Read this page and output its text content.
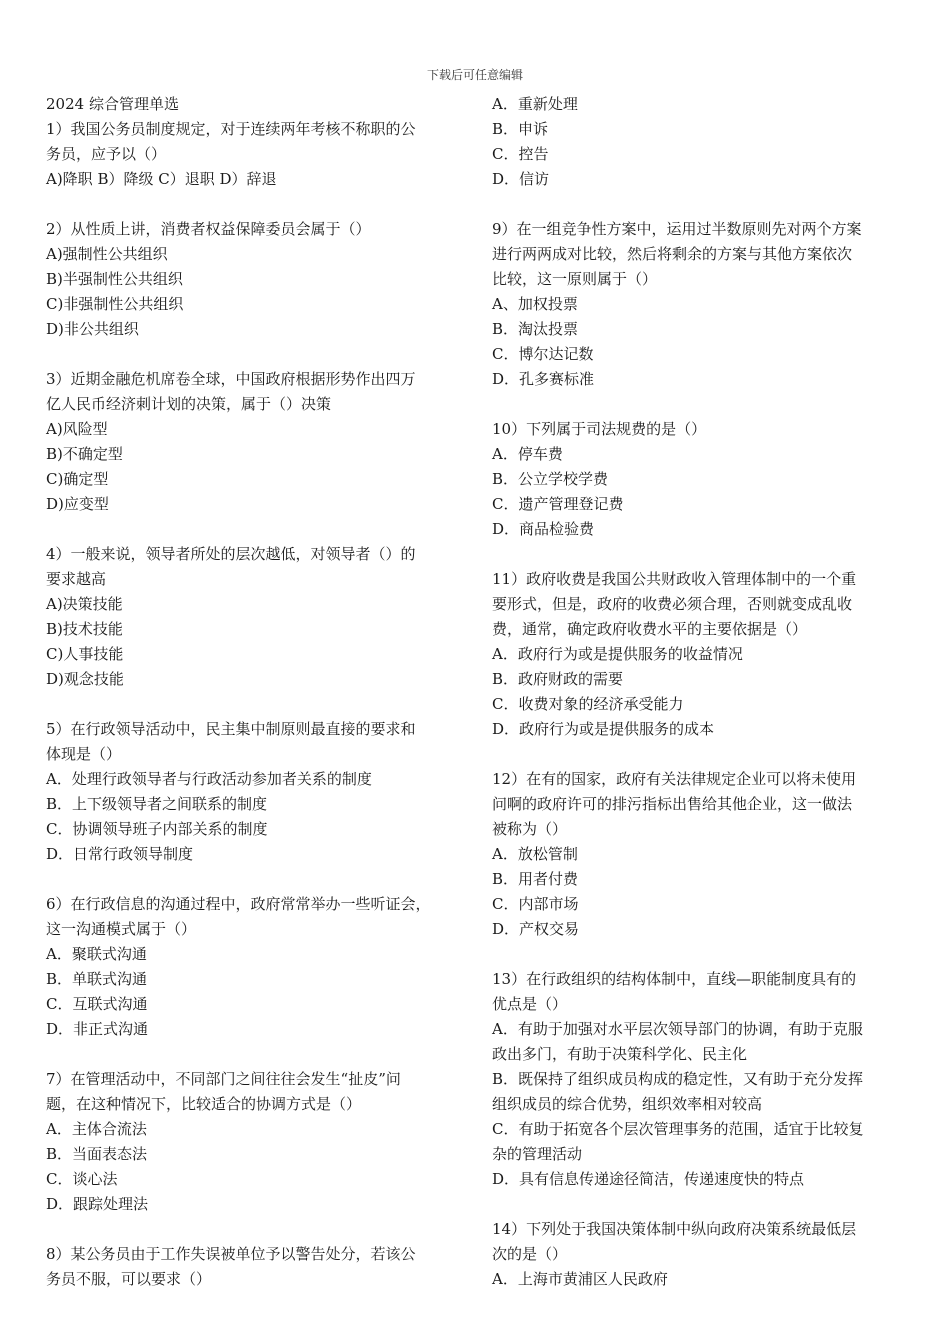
下载后可任意编辑
2024 综合管理单选
1）我国公务员制度规定，对于连续两年考核不称职的公
务员，应予以（）
A)降职 B）降级 C）退职 D）辞退
2）从性质上讲，消费者权益保障委员会属于（）
A)强制性公共组织
B)半强制性公共组织
C)非强制性公共组织
D)非公共组织
3）近期金融危机席卷全球，中国政府根据形势作出四万
亿人民币经济刺计划的决策，属于（）决策
A)风险型
B)不确定型
C)确定型
D)应变型
4）一般来说，领导者所处的层次越低，对领导者（）的
要求越高
A)决策技能
B)技术技能
C)人事技能
D)观念技能
5）在行政领导活动中，民主集中制原则最直接的要求和
体现是（）
A．处理行政领导者与行政活动参加者关系的制度
B．上下级领导者之间联系的制度
C．协调领导班子内部关系的制度
D．日常行政领导制度
6）在行政信息的沟通过程中，政府常常举办一些听证会，
这一沟通模式属于（）
A．聚联式沟通
B．单联式沟通
C．互联式沟通
D．非正式沟通
7）在管理活动中，不同部门之间往往会发生“扯皮”问
题，在这种情况下，比较适合的协调方式是（）
A．主体合流法
B．当面表态法
C．谈心法
D．跟踪处理法
8）某公务员由于工作失误被单位予以警告处分，若该公
务员不服，可以要求（）
A．重新处理
B．申诉
C．控告
D．信访
9）在一组竞争性方案中，运用过半数原则先对两个方案
进行两两成对比较，然后将剩余的方案与其他方案依次
比较，这一原则属于（）
A、加权投票
B．淘汰投票
C．博尔达记数
D．孔多赛标准
10）下列属于司法规费的是（）
A．停车费
B．公立学校学费
C．遗产管理登记费
D．商品检验费
11）政府收费是我国公共财政收入管理体制中的一个重
要形式，但是，政府的收费必须合理，否则就变成乱收
费，通常，确定政府收费水平的主要依据是（）
A．政府行为或是提供服务的收益情况
B．政府财政的需要
C．收费对象的经济承受能力
D．政府行为或是提供服务的成本
12）在有的国家，政府有关法律规定企业可以将未使用
问啊的政府许可的排污指标出售给其他企业，这一做法
被称为（）
A．放松管制
B．用者付费
C．内部市场
D．产权交易
13）在行政组织的结构体制中，直线—职能制度具有的
优点是（）
A．有助于加强对水平层次领导部门的协调，有助于克服
政出多门，有助于决策科学化、民主化
B．既保持了组织成员构成的稳定性，又有助于充分发挥
组织成员的综合优势，组织效率相对较高
C．有助于拓宽各个层次管理事务的范围，适宜于比较复
杂的管理活动
D．具有信息传递途径简洁，传递速度快的特点
14）下列处于我国决策体制中纵向政府决策系统最低层
次的是（）
A．上海市黄浦区人民政府
